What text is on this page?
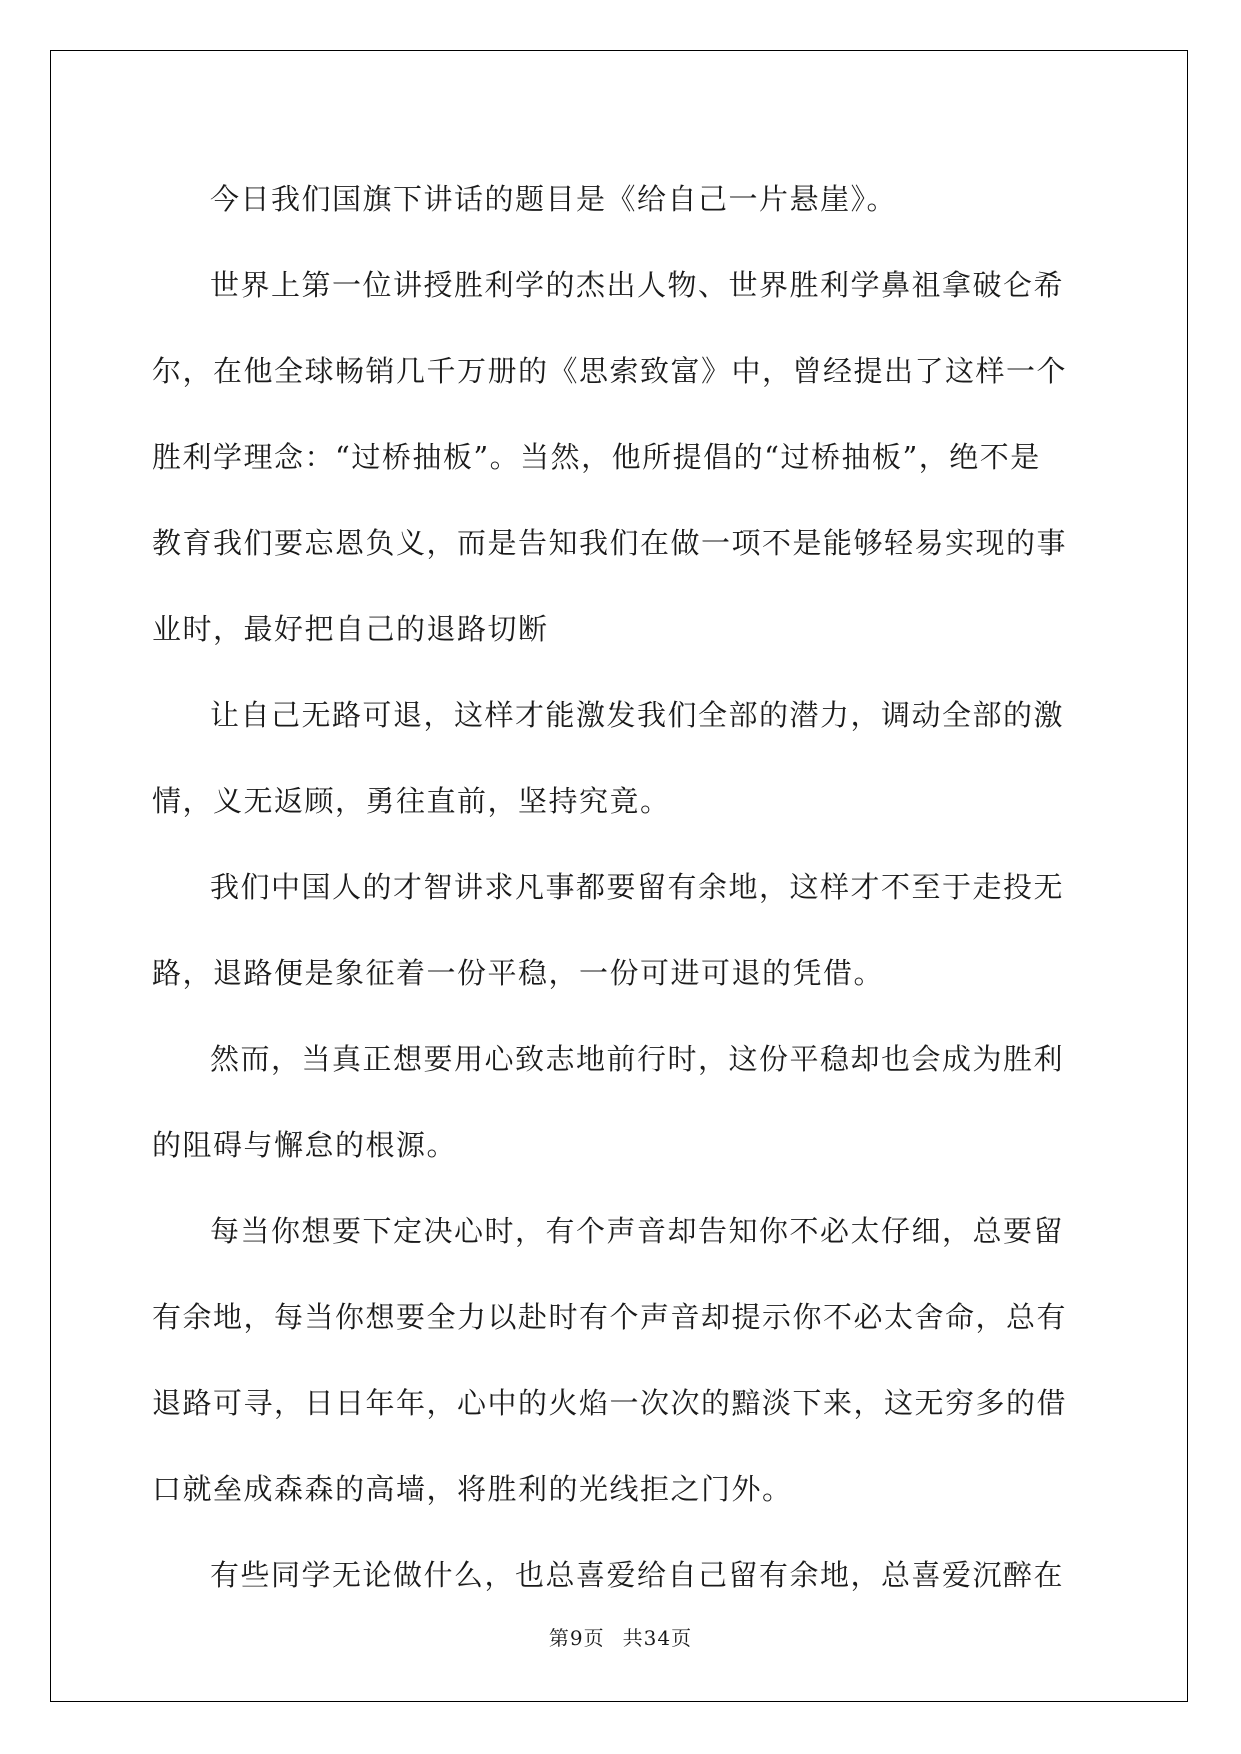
今日我们国旗下讲话的题目是《给自己一片悬崖》。

世界上第一位讲授胜利学的杰出人物、世界胜利学鼻祖拿破仑希
尔，在他全球畅销几千万册的《思索致富》中，曾经提出了这样一个
胜利学理念：“过桥抽板”。当然，他所提倡的“过桥抽板”，绝不是
教育我们要忘恩负义，而是告知我们在做一项不是能够轻易实现的事
业时，最好把自己的退路切断

让自己无路可退，这样才能激发我们全部的潜力，调动全部的激
情，义无返顾，勇往直前，坚持究竟。

我们中国人的才智讲求凡事都要留有余地，这样才不至于走投无
路，退路便是象征着一份平稳，一份可进可退的凭借。

然而，当真正想要用心致志地前行时，这份平稳却也会成为胜利
的阻碍与懈怠的根源。

每当你想要下定决心时，有个声音却告知你不必太仔细，总要留
有余地，每当你想要全力以赴时有个声音却提示你不必太舍命，总有
退路可寻，日日年年，心中的火焰一次次的黯淡下来，这无穷多的借
口就垒成森森的高墙，将胜利的光线拒之门外。

有些同学无论做什么，也总喜爱给自己留有余地，总喜爱沉醉在

第9页 共34页
